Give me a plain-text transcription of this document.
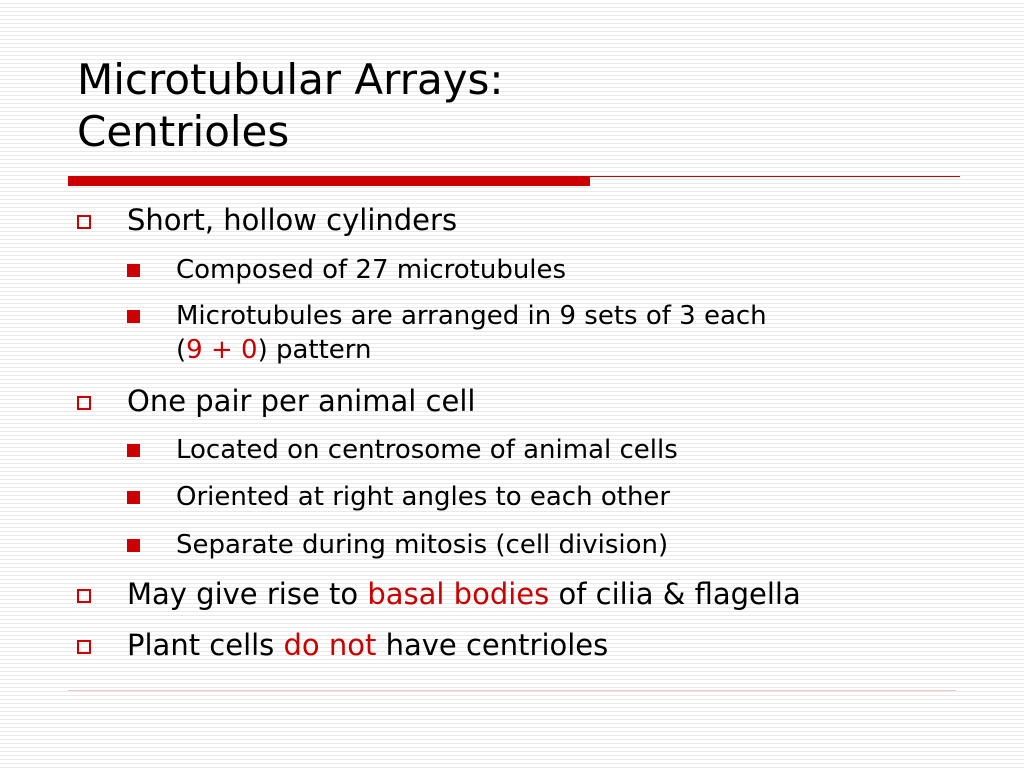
Microtubular Arrays:
Centrioles
Short, hollow cylinders
Composed of 27 microtubules
Microtubules are arranged in 9 sets of 3 each
(9 + 0) pattern
One pair per animal cell
Located on centrosome of animal cells
Oriented at right angles to each other
Separate during mitosis (cell division)
May give rise to basal bodies of cilia & flagella
Plant cells do not have centrioles
